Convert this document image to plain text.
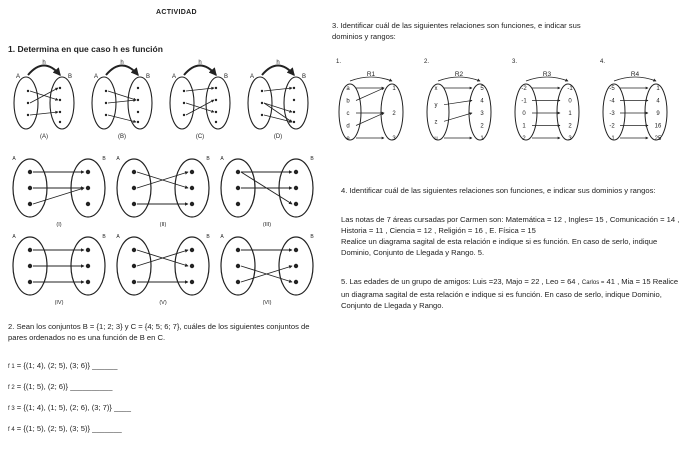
ACTIVIDAD
1. Determina en que caso h es función
h
A	B
(A)
h
A	B
(B)
h
A	B
(C)
h
A	B
(D)
A	B
(I)
A	B
(II)
A	B
(III)
A	B
(IV)
A	B
(V)
A	B
(VI)
2. Sean los conjuntos B = {1; 2; 3} y C = {4; 5; 6; 7}, cuáles de los siguientes conjuntos de pares ordenados no es una función de B en C.
f 1 = {(1; 4), (2; 5), (3; 6)} ______
f 2 = {(1; 5), (2; 6)} __________
f 3 = {(1; 4), (1; 5), (2; 6), (3; 7)} ____
f 4 = {(1; 5), (2; 5), (3; 5)} _______
3. Identificar cuál de las siguientes relaciones son funciones, e indicar sus
dominios y rangos:
1.
R1
a
b
c
d
e
1
2
3
2.
R2
x
y
z
u
5
4
3
2
1
3.
R3
-2
-1
0
1
2
-1
0
1
2
3
4.
R4
-5
-4
-3
-2
-1
1
4
9
16
25
4. Identificar cuál de las siguientes relaciones son funciones, e indicar sus dominios y rangos:
Las notas de 7 áreas cursadas por Carmen son: Matemática = 12 , Ingles= 15 , Comunicación = 14 , Historia = 11 , Ciencia = 12 , Religión = 16 , E. Física = 15
Realice un diagrama sagital de esta relación e indique si es función. En caso de serlo, indique Dominio, Conjunto de Llegada y Rango. 5.
5. Las edades de un grupo de amigos: Luis =23, Majo = 22 , Leo = 64 , Carlos = 41 , Mia = 15 Realice un diagrama sagital de esta relación e indique si es función. En caso de serlo, indique Dominio, Conjunto de Llegada y Rango.
